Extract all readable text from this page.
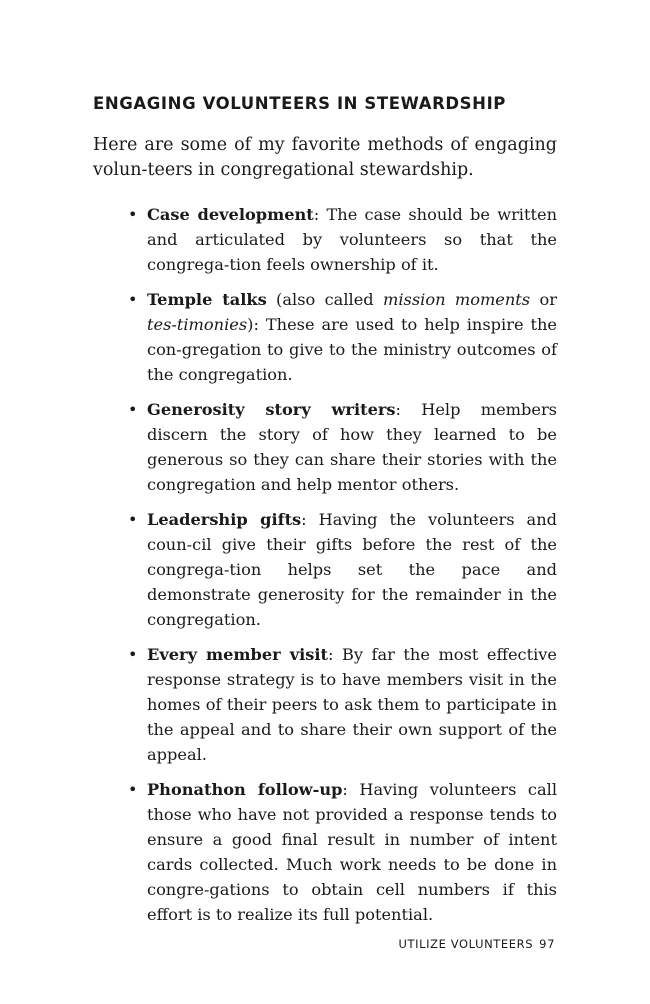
ENGAGING VOLUNTEERS IN STEWARDSHIP

Here are some of my favorite methods of engaging volun-teers in congregational stewardship.

• Case development: The case should be written and articulated by volunteers so that the congrega-tion feels ownership of it.
• Temple talks (also called mission moments or tes-timonies): These are used to help inspire the con-gregation to give to the ministry outcomes of the congregation.
• Generosity story writers: Help members discern the story of how they learned to be generous so they can share their stories with the congregation and help mentor others.
• Leadership gifts: Having the volunteers and coun-cil give their gifts before the rest of the congrega-tion helps set the pace and demonstrate generosity for the remainder in the congregation.
• Every member visit: By far the most effective response strategy is to have members visit in the homes of their peers to ask them to participate in the appeal and to share their own support of the appeal.
• Phonathon follow-up: Having volunteers call those who have not provided a response tends to ensure a good final result in number of intent cards collected. Much work needs to be done in congre-gations to obtain cell numbers if this effort is to realize its full potential.
UTILIZE VOLUNTEERS 97
